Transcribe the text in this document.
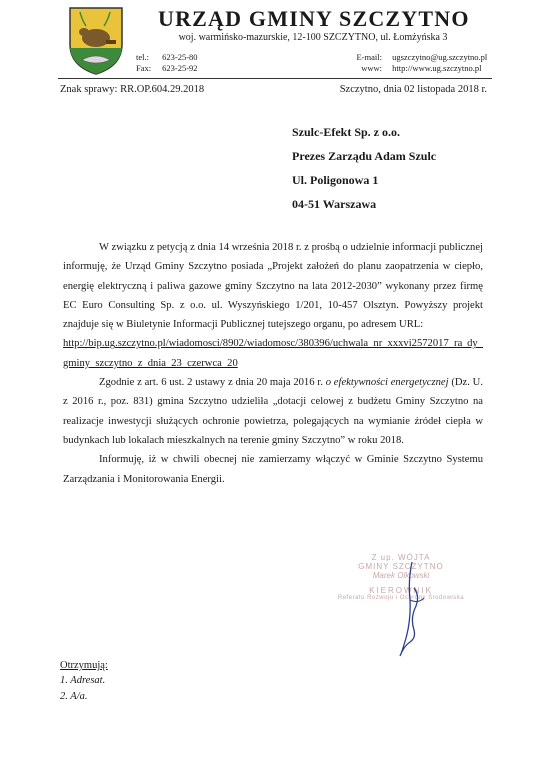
URZĄD GMINY SZCZYTNO
woj. warmińsko-mazurskie, 12-100 SZCZYTNO, ul. Łomżyńska 3
tel.: 623-25-80
Fax: 623-25-92
E-mail: ugszczytno@ug.szczytno.pl
www: http://www.ug.szczytno.pl
Znak sprawy: RR.OP.604.29.2018	Szczytno, dnia 02 listopada 2018 r.
Szulc-Efekt Sp. z o.o.
Prezes Zarządu Adam Szulc
Ul. Poligonowa 1
04-51 Warszawa

W związku z petycją z dnia 14 września 2018 r. z prośbą o udzielnie informacji publicznej informuję, że Urząd Gminy Szczytno posiada „Projekt założeń do planu zaopatrzenia w ciepło, energię elektryczną i paliwa gazowe gminy Szczytno na lata 2012-2030” wykonany przez firmę EC Euro Consulting Sp. z o.o. ul. Wyszyńskiego 1/201, 10-457 Olsztyn. Powyższy projekt znajduje się w Biuletynie Informacji Publicznej tutejszego organu, po adresem URL:
http://bip.ug.szczytno.pl/wiadomosci/8902/wiadomosc/380396/uchwala_nr_xxxvi2572017_ra dy_gminy_szczytno_z_dnia_23_czerwca_20

Zgodnie z art. 6 ust. 2 ustawy z dnia 20 maja 2016 r. o efektywności energetycznej (Dz. U. z 2016 r., poz. 831) gmina Szczytno udzieliła „dotacji celowej z budżetu Gminy Szczytno na realizacje inwestycji służących ochronie powietrza, polegających na wymianie źródeł ciepła w budynkach lub lokalach mieszkalnych na terenie gminy Szczytno” w roku 2018.

Informuję, iż w chwili obecnej nie zamierzamy włączyć w Gminie Szczytno Systemu Zarządzania i Monitorowania Energii.

Z up. WÓJTA
GMINY SZCZYTNO
Marek Olkowski
KIEROWNIK
Referatu Rozwoju i Ochrony Środowiska
Otrzymują:
1. Adresat.
2. A/a.
